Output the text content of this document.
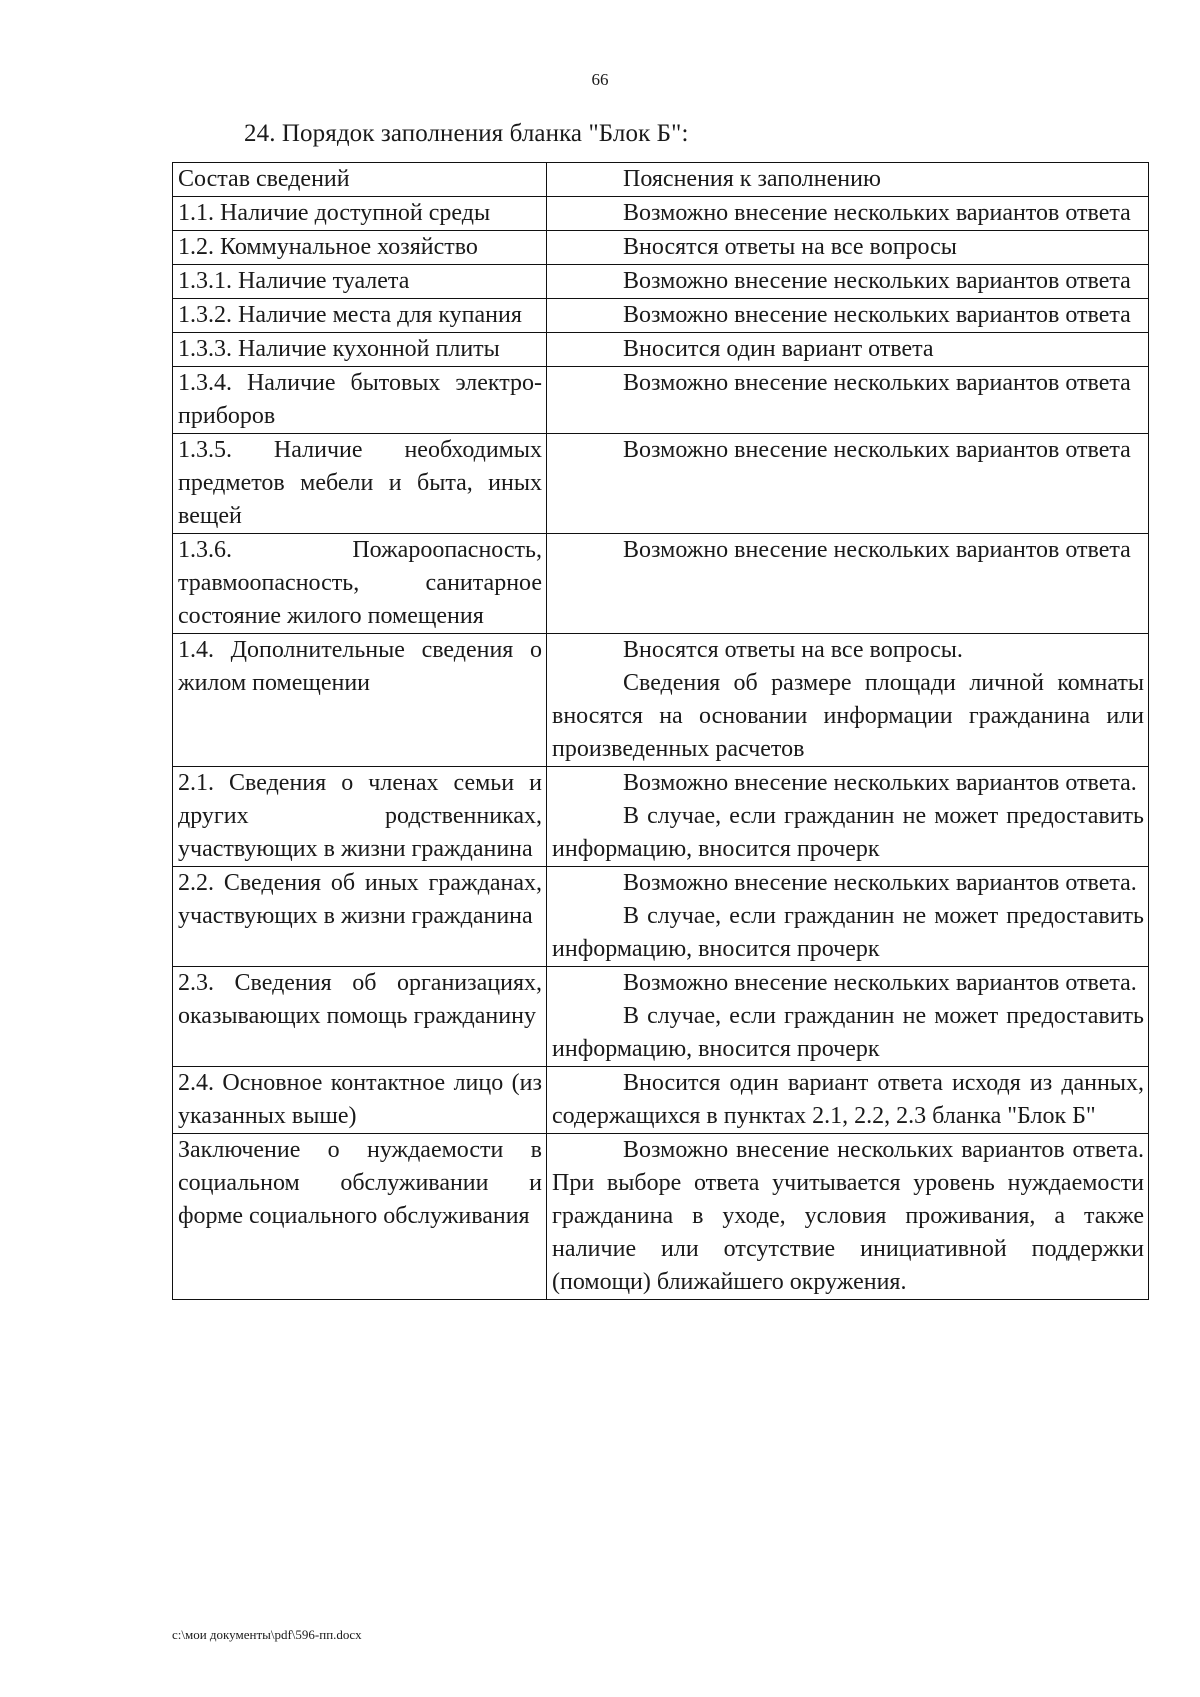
66
24. Порядок заполнения бланка "Блок Б":
Состав сведений	Пояснения к заполнению

1.1. Наличие доступной среды	Возможно внесение нескольких вариантов ответа

1.2. Коммунальное хозяйство	Вносятся ответы на все вопросы

1.3.1. Наличие туалета	Возможно внесение нескольких вариантов ответа

1.3.2. Наличие места для купания	Возможно внесение нескольких вариантов ответа

1.3.3. Наличие кухонной плиты	Вносится один вариант ответа

1.3.4. Наличие бытовых электро-приборов	Возможно внесение нескольких вариантов ответа

1.3.5. Наличие необходимых предметов мебели и быта, иных вещей	Возможно внесение нескольких вариантов ответа

1.3.6. Пожароопасность, травмоопасность, санитарное состояние жилого помещения	Возможно внесение нескольких вариантов ответа

1.4. Дополнительные сведения о жилом помещении	Вносятся ответы на все вопросы.

Сведения об размере площади личной комнаты вносятся на основании информации гражданина или произведенных расчетов

2.1. Сведения о членах семьи и других родственниках, участвующих в жизни гражданина	Возможно внесение нескольких вариантов ответа.

В случае, если гражданин не может предоставить информацию, вносится прочерк

2.2. Сведения об иных гражданах, участвующих в жизни гражданина	Возможно внесение нескольких вариантов ответа.

В случае, если гражданин не может предоставить информацию, вносится прочерк

2.3. Сведения об организациях, оказывающих помощь гражданину	Возможно внесение нескольких вариантов ответа.

В случае, если гражданин не может предоставить информацию, вносится прочерк

2.4. Основное контактное лицо (из указанных выше)	Вносится один вариант ответа исходя из данных, содержащихся в пунктах 2.1, 2.2, 2.3 бланка "Блок Б"

Заключение о нуждаемости в социальном обслуживании и форме социального обслуживания	Возможно внесение нескольких вариантов ответа. При выборе ответа учитывается уровень нуждаемости гражданина в уходе, условия проживания, а также наличие или отсутствие инициативной поддержки (помощи) ближайшего окружения.

c:\мои документы\pdf\596-пп.docx
